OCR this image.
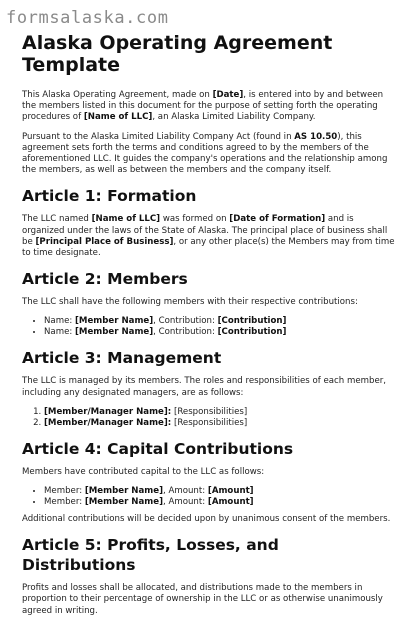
formsalaska.com
Alaska Operating Agreement Template

This Alaska Operating Agreement, made on [Date], is entered into by and between the members listed in this document for the purpose of setting forth the operating procedures of [Name of LLC], an Alaska Limited Liability Company.

Pursuant to the Alaska Limited Liability Company Act (found in AS 10.50), this agreement sets forth the terms and conditions agreed to by the members of the aforementioned LLC. It guides the company's operations and the relationship among the members, as well as between the members and the company itself.

Article 1: Formation

The LLC named [Name of LLC] was formed on [Date of Formation] and is organized under the laws of the State of Alaska. The principal place of business shall be [Principal Place of Business], or any other place(s) the Members may from time to time designate.

Article 2: Members

The LLC shall have the following members with their respective contributions:

• Name: [Member Name], Contribution: [Contribution]
• Name: [Member Name], Contribution: [Contribution]
Article 3: Management

The LLC is managed by its members. The roles and responsibilities of each member, including any designated managers, are as follows:

1. [Member/Manager Name]: [Responsibilities]
2. [Member/Manager Name]: [Responsibilities]
Article 4: Capital Contributions

Members have contributed capital to the LLC as follows:

• Member: [Member Name], Amount: [Amount]
• Member: [Member Name], Amount: [Amount]

Additional contributions will be decided upon by unanimous consent of the members.

Article 5: Profits, Losses, and Distributions

Profits and losses shall be allocated, and distributions made to the members in proportion to their percentage of ownership in the LLC or as otherwise unanimously agreed in writing.
